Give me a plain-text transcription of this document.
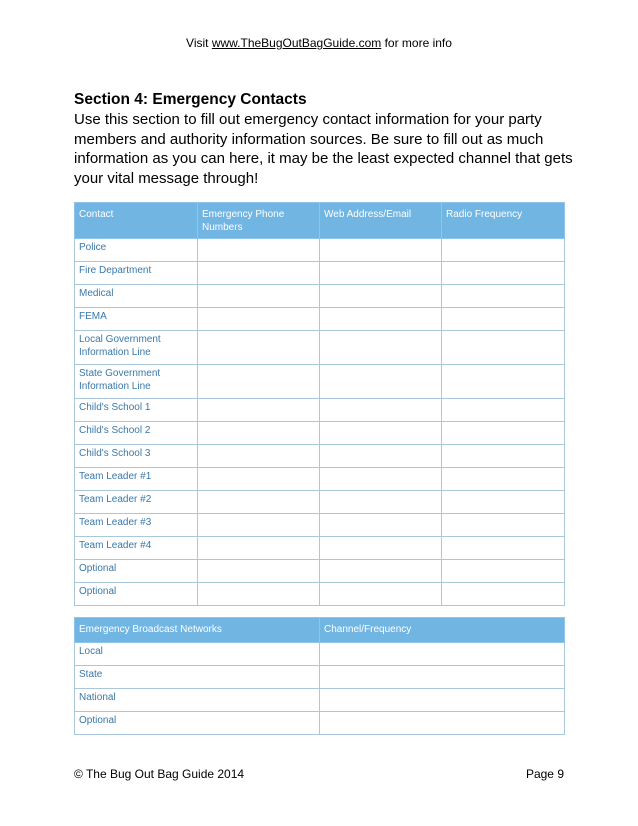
Visit www.TheBugOutBagGuide.com for more info
Section 4: Emergency Contacts
Use this section to fill out emergency contact information for your party members and authority information sources. Be sure to fill out as much information as you can here, it may be the least expected channel that gets your vital message through!
Contact	Emergency Phone Numbers	Web Address/Email	Radio Frequency
Police			
Fire Department			
Medical			
FEMA			
Local Government Information Line			
State Government Information Line			
Child's School 1			
Child's School 2			
Child's School 3			
Team Leader #1			
Team Leader #2			
Team Leader #3			
Team Leader #4			
Optional			
Optional			
Emergency Broadcast Networks	Channel/Frequency
Local	
State	
National	
Optional	
© The Bug Out Bag Guide 2014	Page 9
